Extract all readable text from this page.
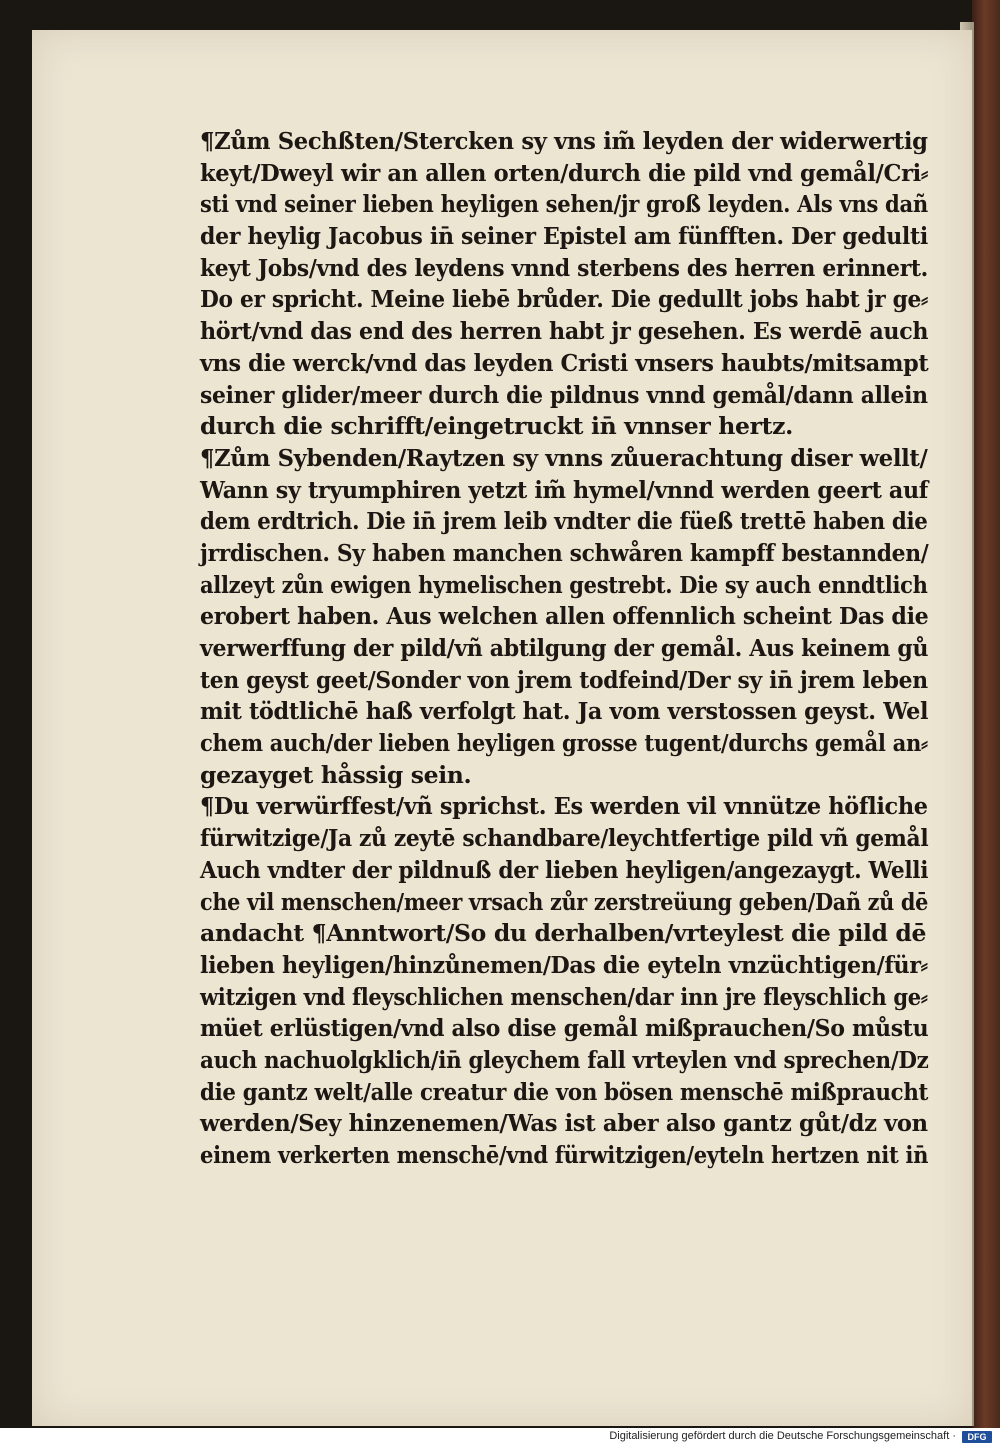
¶Zům Sechßten/Stercken sy vns im̃ leyden der widerwertig
keyt/Dweyl wir an allen orten/durch die pild vnd gemål/Cri⸗
sti vnd seiner lieben heyligen sehen/jr groß leyden. Als vns dañ
der heylig Jacobus in̄ seiner Epistel am fünfften. Der gedulti
keyt Jobs/vnd des leydens vnnd sterbens des herren erinnert.
Do er spricht. Meine liebē brůder. Die gedullt jobs habt jr ge⸗
hört/vnd das end des herren habt jr gesehen. Es werdē auch
vns die werck/vnd das leyden Cristi vnsers haubts/mitsampt
seiner glider/meer durch die pildnus vnnd gemål/dann allein
durch die schrifft/eingetruckt in̄ vnnser hertz.
¶Zům Sybenden/Raytzen sy vnns zůuerachtung diser wellt/
Wann sy tryumphiren yetzt im̃ hymel/vnnd werden geert auf
dem erdtrich. Die in̄ jrem leib vndter die füeß trettē haben die
jrrdischen. Sy haben manchen schwåren kampff bestannden/
allzeyt zůn ewigen hymelischen gestrebt. Die sy auch enndtlich
erobert haben. Aus welchen allen offennlich scheint Das die
verwerffung der pild/vñ abtilgung der gemål. Aus keinem gů
ten geyst geet/Sonder von jrem todfeind/Der sy in̄ jrem leben
mit tödtlichē haß verfolgt hat. Ja vom verstossen geyst. Wel
chem auch/der lieben heyligen grosse tugent/durchs gemål an⸗
gezayget håssig sein.
¶Du verwürffest/vñ sprichst. Es werden vil vnnütze höfliche
fürwitzige/Ja zů zeytē schandbare/leychtfertige pild vñ gemål
Auch vndter der pildnuß der lieben heyligen/angezaygt. Welli
che vil menschen/meer vrsach zůr zerstreüung geben/Dañ zů dē
andacht ¶Anntwort/So du derhalben/vrteylest die pild dē
lieben heyligen/hinzůnemen/Das die eyteln vnzüchtigen/für⸗
witzigen vnd fleyschlichen menschen/dar inn jre fleyschlich ge⸗
müet erlüstigen/vnd also dise gemål mißprauchen/So můstu
auch nachuolgklich/in̄ gleychem fall vrteylen vnd sprechen/Dz
die gantz welt/alle creatur die von bösen menschē mißpraucht
werden/Sey hinzenemen/Was ist aber also gantz gůt/dz von
einem verkerten menschē/vnd fürwitzigen/eyteln hertzen nit in̄
Digitalisierung gefördert durch die Deutsche Forschungsgemeinschaft ·	DFG
